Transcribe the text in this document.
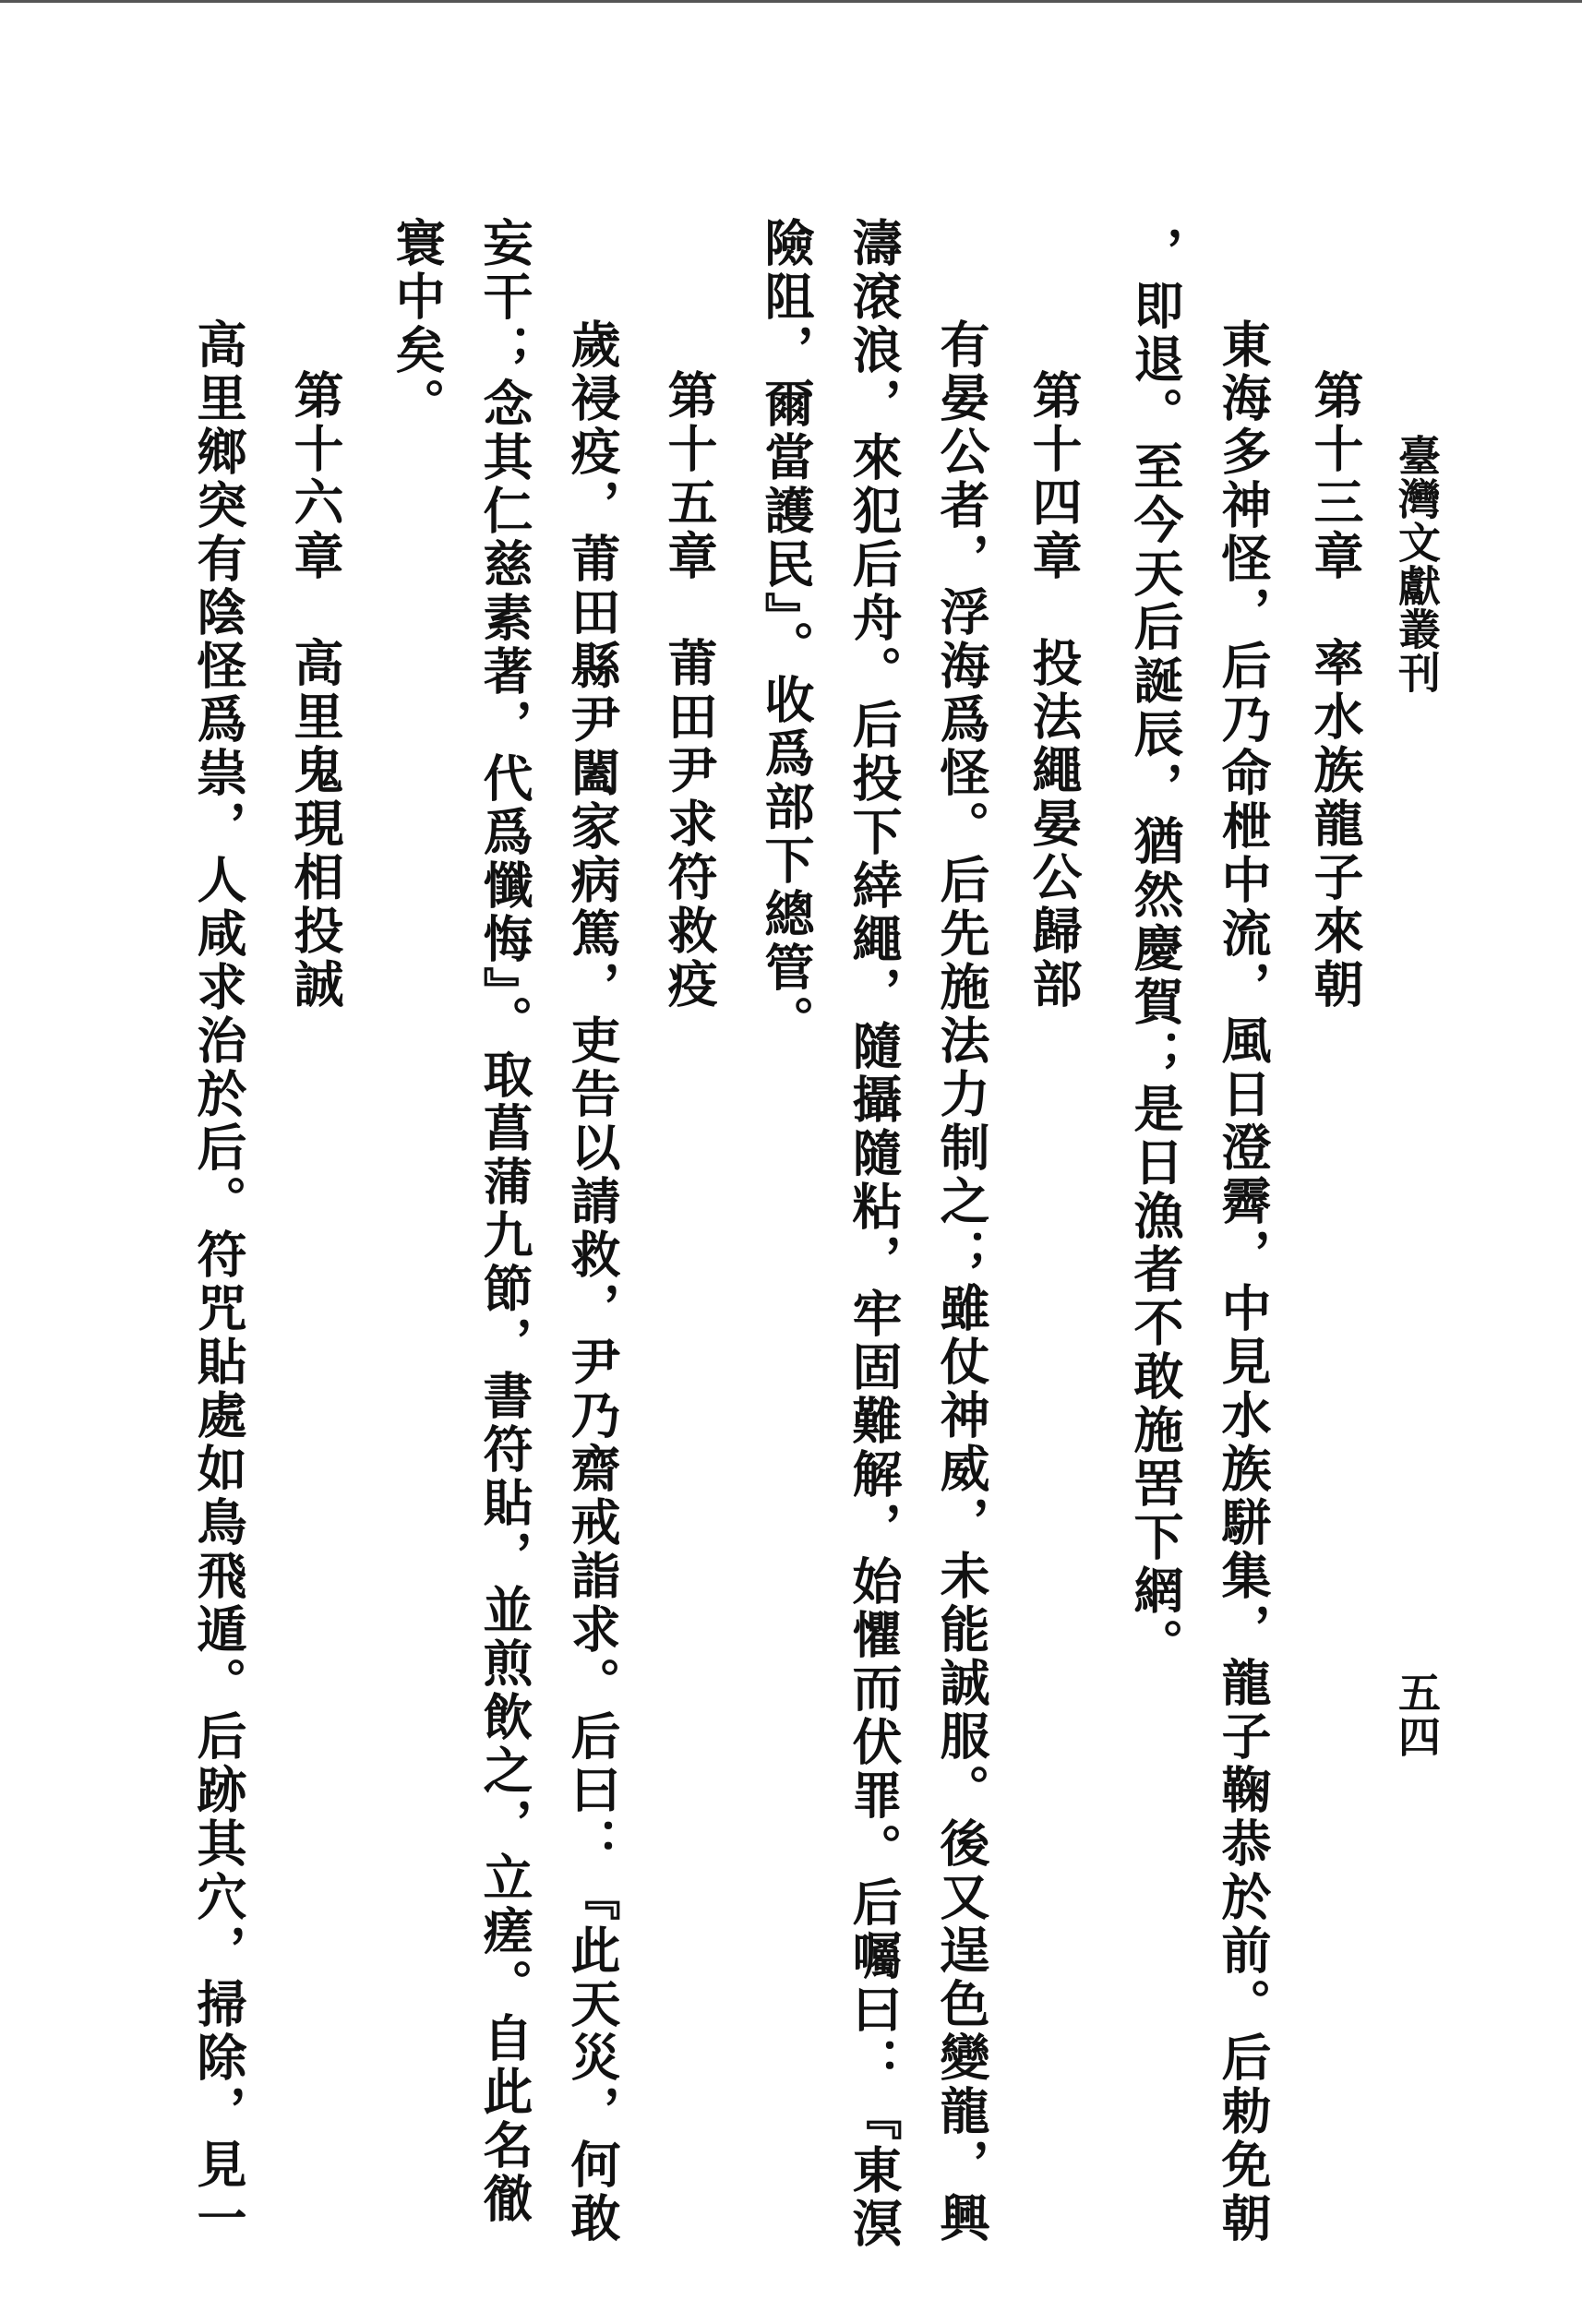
臺灣文獻叢刊
五四
第十三章　率水族龍子來朝
東海多神怪，后乃命枻中流，風日澄霽，中見水族駢集，龍子鞠恭於前。后勅免朝
，即退。至今天后誕辰，猶然慶賀；是日漁者不敢施罟下網。
第十四章　投法繩晏公歸部
有晏公者，浮海爲怪。后先施法力制之；雖仗神威，未能誠服。後又逞色變龍，興
濤滾浪，來犯后舟。后投下緈繩，隨攝隨粘，牢固難解，始懼而伏罪。后囑曰：『東溟
險阻，爾當護民』。收爲部下總管。
第十五章　莆田尹求符救疫
歲祲疫，莆田縣尹闔家病篤，吏告以請救，尹乃齋戒詣求。后曰：『此天災，何敢
妄干；念其仁慈素著，代爲懺悔』。取菖蒲九節，書符貼，並煎飲之，立瘥。自此名徹
寰中矣。
第十六章　高里鬼現相投誠
高里鄉突有陰怪爲祟，人咸求治於后。符咒貼處如鳥飛遁。后跡其穴，掃除，見一
